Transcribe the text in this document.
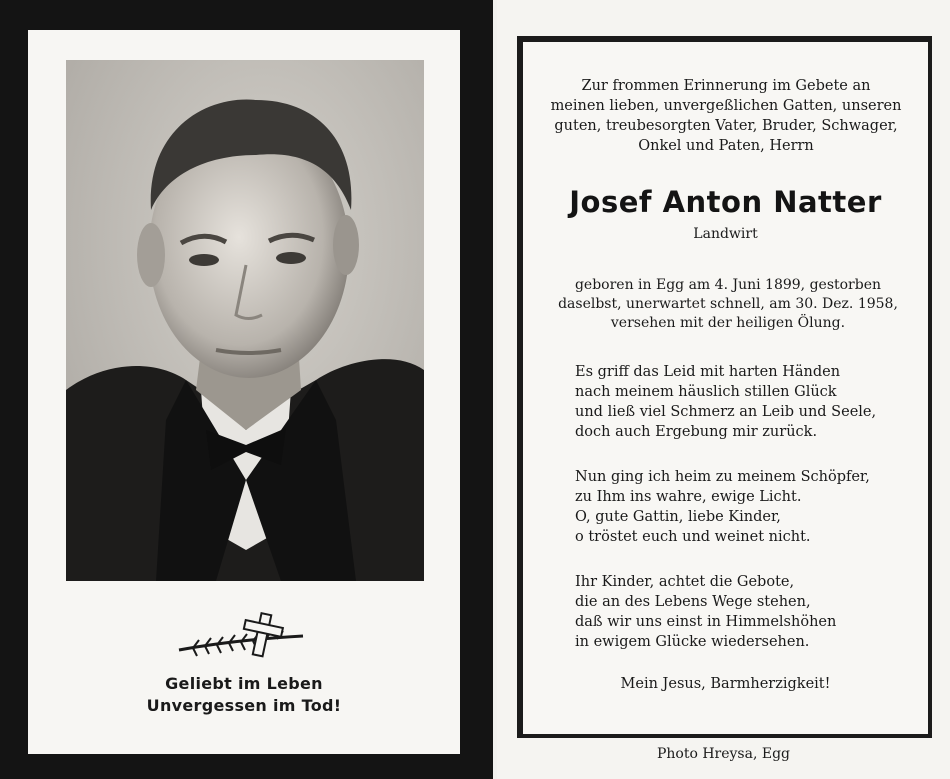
Geliebt im Leben
Unvergessen im Tod!
Zur frommen Erinnerung im Gebete an
meinen lieben, unvergeßlichen Gatten, unseren
guten, treubesorgten Vater, Bruder, Schwager,
Onkel und Paten, Herrn
Josef Anton Natter
Landwirt
geboren in Egg am 4. Juni 1899, gestorben
daselbst, unerwartet schnell, am 30. Dez. 1958,
versehen mit der heiligen Ölung.
Es griff das Leid mit harten Händen
nach meinem häuslich stillen Glück
und ließ viel Schmerz an Leib und Seele,
doch auch Ergebung mir zurück.
Nun ging ich heim zu meinem Schöpfer,
zu Ihm ins wahre, ewige Licht.
O, gute Gattin, liebe Kinder,
o tröstet euch und weinet nicht.
Ihr Kinder, achtet die Gebote,
die an des Lebens Wege stehen,
daß wir uns einst in Himmelshöhen
in ewigem Glücke wiedersehen.
Mein Jesus, Barmherzigkeit!
Photo Hreysa, Egg
